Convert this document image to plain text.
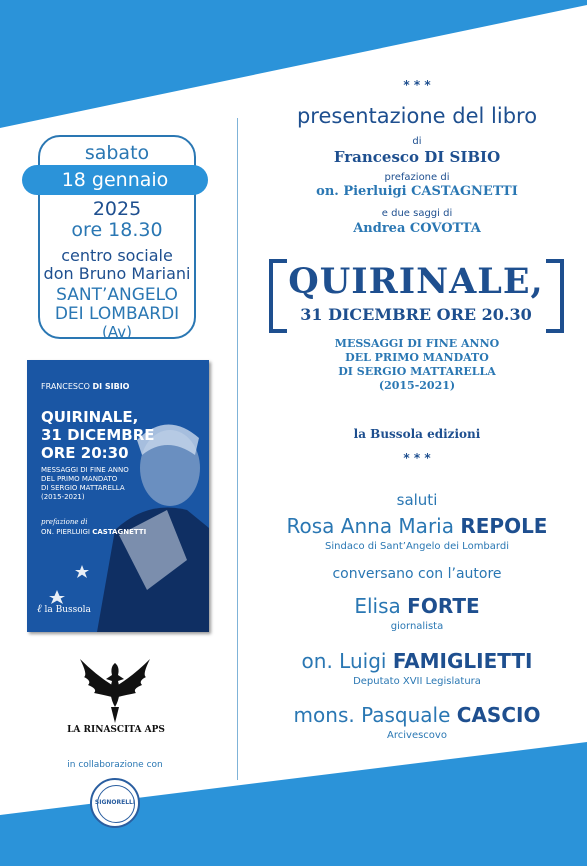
sabato
18 gennaio
2025
ore 18.30
centro sociale
don Bruno Mariani
SANT’ANGELO
DEI LOMBARDI
(Av)
FRANCESCO DI SIBIO
QUIRINALE,
31 DICEMBRE
ORE 20:30
MESSAGGI DI FINE ANNO
DEL PRIMO MANDATO
DI SERGIO MATTARELLA
(2015-2021)
prefazione di
ON. PIERLUIGI CASTAGNETTI
ℓ la Bussola
LA RINASCITA APS
in collaborazione con
SIGNORELLI
* * *
presentazione del libro
di
Francesco DI SIBIO
prefazione di
on. Pierluigi CASTAGNETTI
e due saggi di
Andrea COVOTTA
QUIRINALE,
31 DICEMBRE ORE 20.30
MESSAGGI DI FINE ANNO
DEL PRIMO MANDATO
DI SERGIO MATTARELLA
(2015-2021)
la Bussola edizioni
* * *
saluti
Rosa Anna Maria REPOLE
Sindaco di Sant’Angelo dei Lombardi
conversano con l’autore
Elisa FORTE
giornalista
on. Luigi FAMIGLIETTI
Deputato XVII Legislatura
mons. Pasquale CASCIO
Arcivescovo
